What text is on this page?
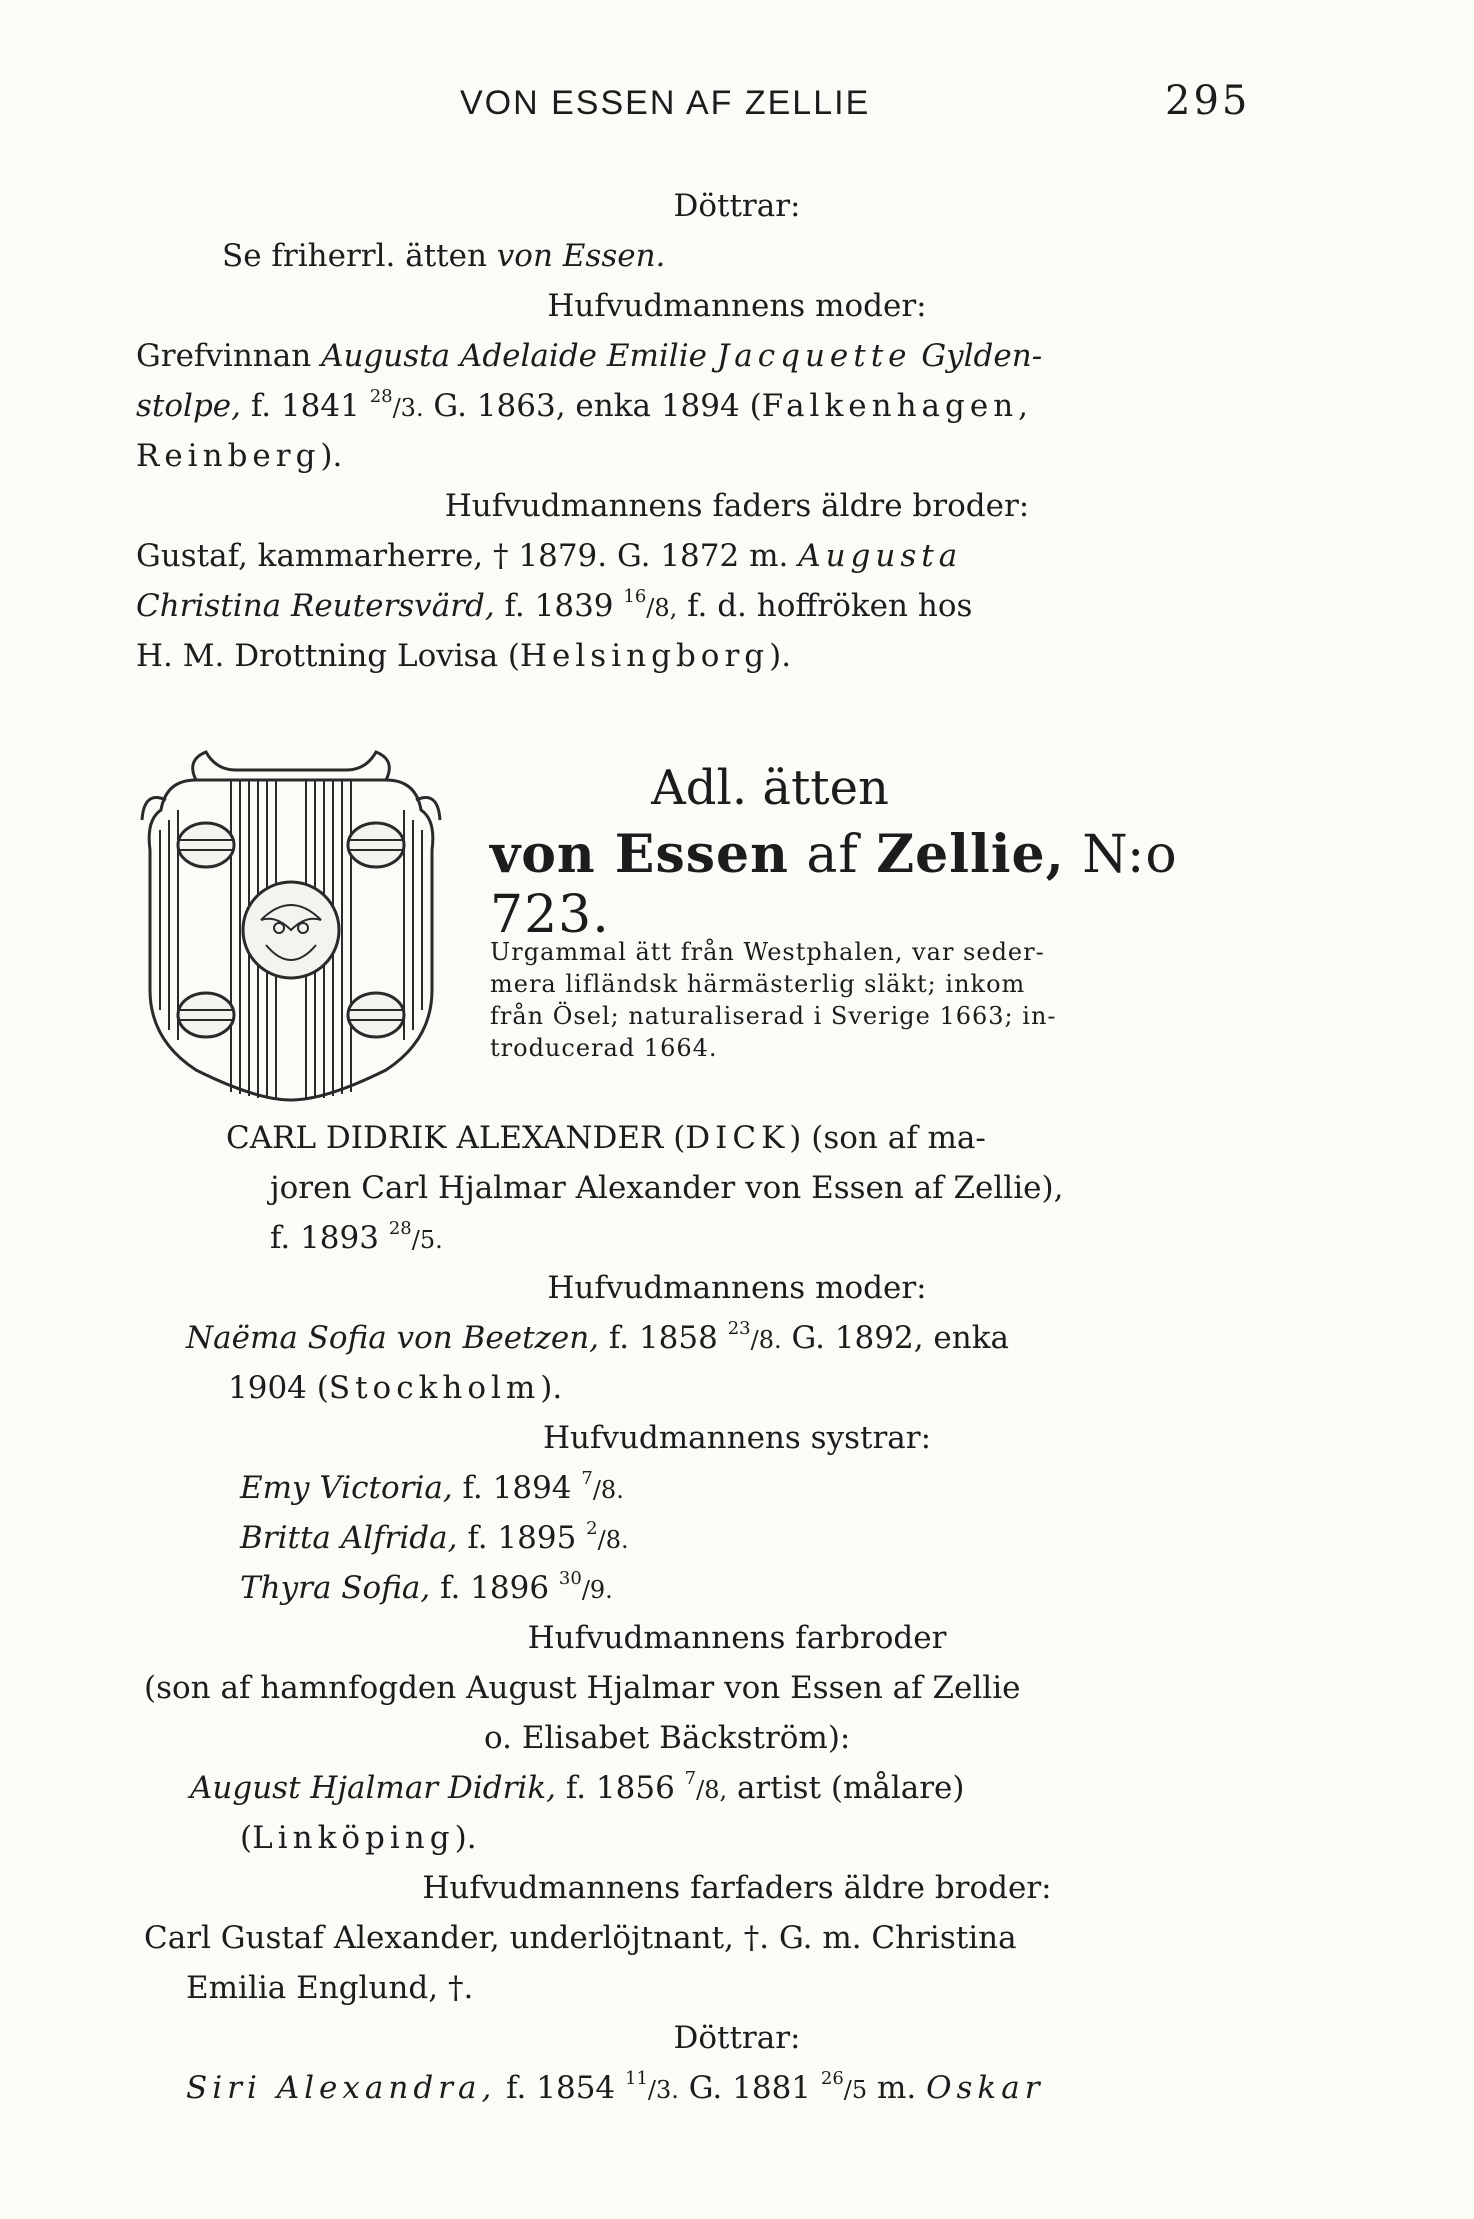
VON ESSEN AF ZELLIE	295
Döttrar:
Se friherrl. ätten von Essen.
Hufvudmannens moder:
Grefvinnan Augusta Adelaide Emilie Jacquette Gylden-
stolpe, f. 1841 $^{28}$/3. G. 1863, enka 1894 (Falkenhagen,
Reinberg).
Hufvudmannens faders äldre broder:
Gustaf, kammarherre, † 1879. G. 1872 m. Augusta
Christina Reutersvärd, f. 1839 $^{16}$/8, f. d. hoffröken hos
H. M. Drottning Lovisa (Helsingborg).
Adl. ätten
von Essen af Zellie, N:o 723.
Urgammal ätt från Westphalen, var seder-
mera lifländsk härmästerlig släkt; inkom
från Ösel; naturaliserad i Sverige 1663; in-
troducerad 1664.
CARL DIDRIK ALEXANDER (DICK) (son af ma-
joren Carl Hjalmar Alexander von Essen af Zellie),
f. 1893 $^{28}$/5.
Hufvudmannens moder:
Naëma Sofia von Beetzen, f. 1858 $^{23}$/8. G. 1892, enka
1904 (Stockholm).
Hufvudmannens systrar:
Emy Victoria, f. 1894 $^7$/8.
Britta Alfrida, f. 1895 $^2$/8.
Thyra Sofia, f. 1896 $^{30}$/9.
Hufvudmannens farbroder
(son af hamnfogden August Hjalmar von Essen af Zellie
o. Elisabet Bäckström):
August Hjalmar Didrik, f. 1856 $^7$/8, artist (målare)
(Linköping).
Hufvudmannens farfaders äldre broder:
Carl Gustaf Alexander, underlöjtnant, †. G. m. Christina
Emilia Englund, †.
Döttrar:
Siri Alexandra, f. 1854 $^{11}$/3. G. 1881 $^{26}$/5 m. Oskar
